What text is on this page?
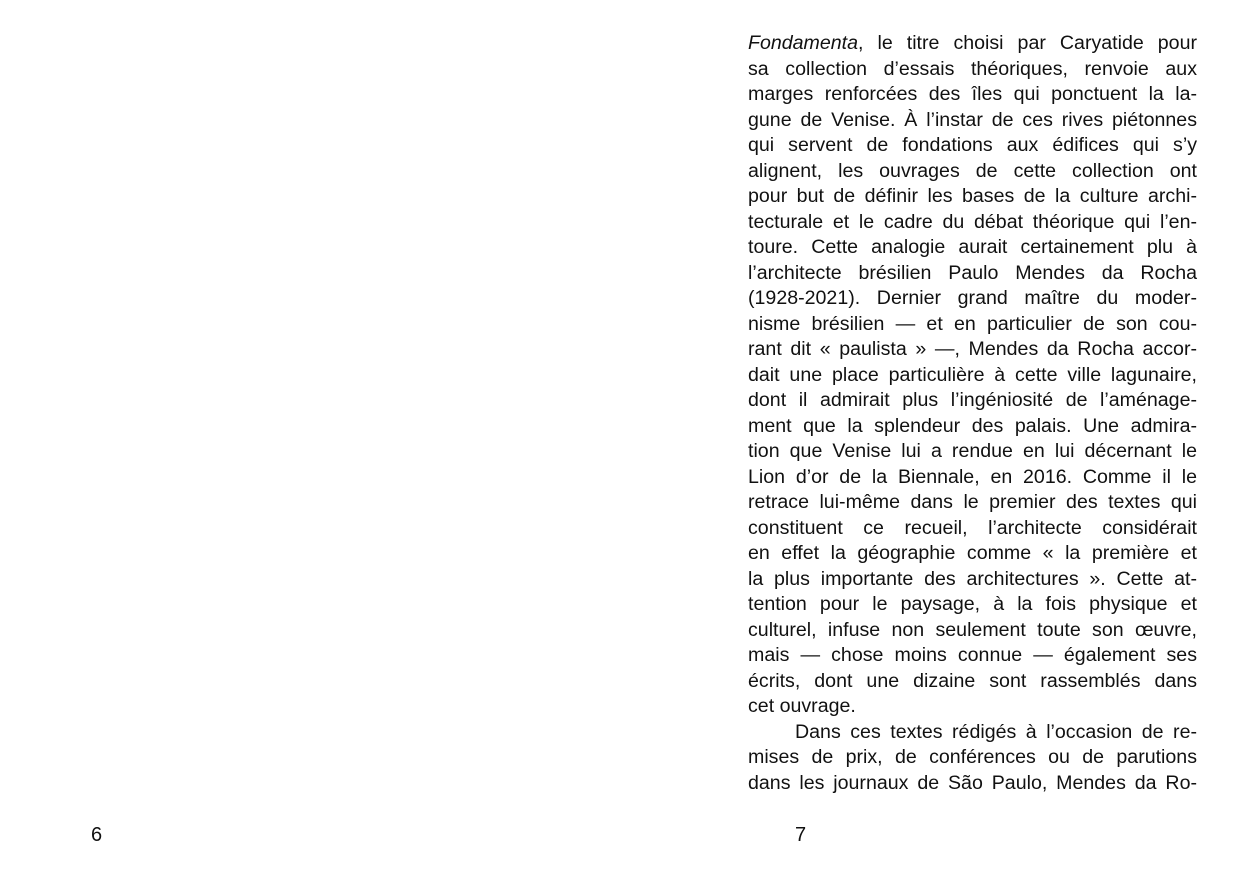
6
Fondamenta, le titre choisi par Caryatide pour
sa collection d’essais théoriques, renvoie aux
marges renforcées des îles qui ponctuent la la-
gune de Venise. À l’instar de ces rives piétonnes
qui servent de fondations aux édifices qui s’y
alignent, les ouvrages de cette collection ont
pour but de définir les bases de la culture archi-
tecturale et le cadre du débat théorique qui l’en-
toure. Cette analogie aurait certainement plu à
l’architecte brésilien Paulo Mendes da Rocha
(1928-2021). Dernier grand maître du moder-
nisme brésilien — et en particulier de son cou-
rant dit « paulista » —, Mendes da Rocha accor-
dait une place particulière à cette ville lagunaire,
dont il admirait plus l’ingéniosité de l’aménage-
ment que la splendeur des palais. Une admira-
tion que Venise lui a rendue en lui décernant le
Lion d’or de la Biennale, en 2016. Comme il le
retrace lui-même dans le premier des textes qui
constituent ce recueil, l’architecte considérait
en effet la géographie comme « la première et
la plus importante des architectures ». Cette at-
tention pour le paysage, à la fois physique et
culturel, infuse non seulement toute son œuvre,
mais — chose moins connue — également ses
écrits, dont une dizaine sont rassemblés dans
cet ouvrage.
Dans ces textes rédigés à l’occasion de re-
mises de prix, de conférences ou de parutions
dans les journaux de São Paulo, Mendes da Ro-
7
